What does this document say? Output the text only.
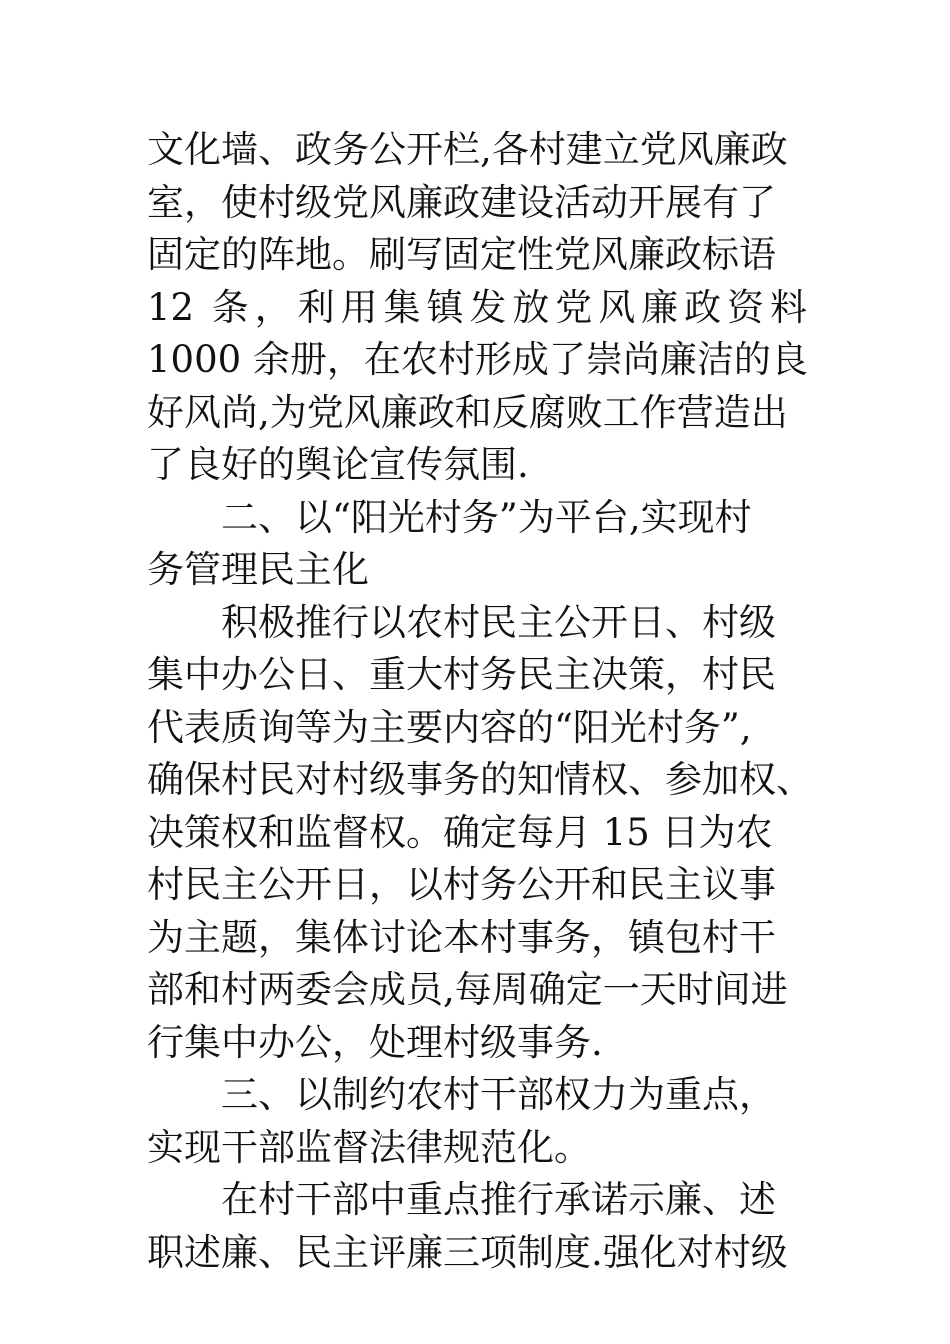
文化墙、政务公开栏,各村建立党风廉政
室，使村级党风廉政建设活动开展有了
固定的阵地。刷写固定性党风廉政标语
12 条，利用集镇发放党风廉政资料
1000 余册，在农村形成了崇尚廉洁的良
好风尚,为党风廉政和反腐败工作营造出
了良好的舆论宣传氛围.
二、以“阳光村务”为平台,实现村
务管理民主化
积极推行以农村民主公开日、村级
集中办公日、重大村务民主决策，村民
代表质询等为主要内容的“阳光村务”,
确保村民对村级事务的知情权、参加权、
决策权和监督权。确定每月 15 日为农
村民主公开日，以村务公开和民主议事
为主题，集体讨论本村事务，镇包村干
部和村两委会成员,每周确定一天时间进
行集中办公，处理村级事务.
三、以制约农村干部权力为重点，
实现干部监督法律规范化。
在村干部中重点推行承诺示廉、述
职述廉、民主评廉三项制度.强化对村级
